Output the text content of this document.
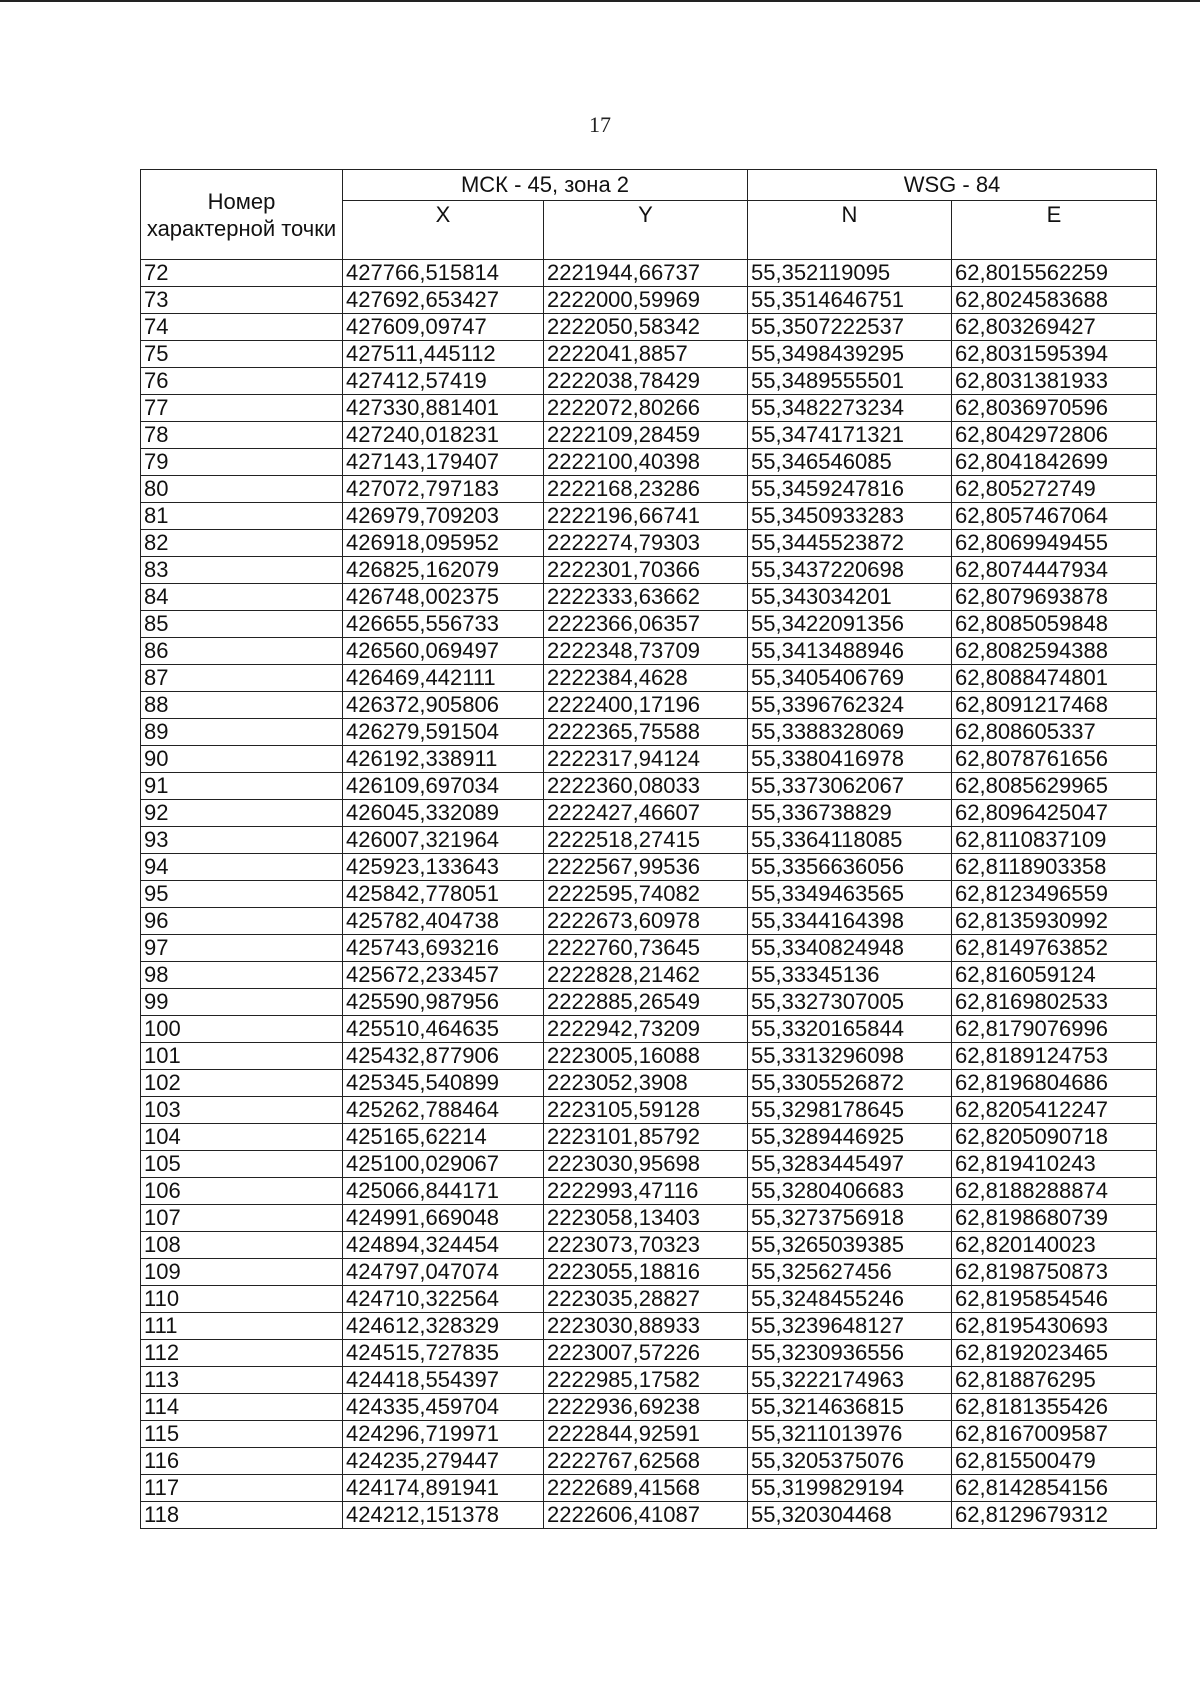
17
Номер характерной точки	МСК - 45, зона 2		WSG - 84	
	X	Y	N	E
72	427766,515814	2221944,66737	55,352119095	62,8015562259
73	427692,653427	2222000,59969	55,3514646751	62,8024583688
74	427609,09747	2222050,58342	55,3507222537	62,803269427
75	427511,445112	2222041,8857	55,3498439295	62,8031595394
76	427412,57419	2222038,78429	55,3489555501	62,8031381933
77	427330,881401	2222072,80266	55,3482273234	62,8036970596
78	427240,018231	2222109,28459	55,3474171321	62,8042972806
79	427143,179407	2222100,40398	55,346546085	62,8041842699
80	427072,797183	2222168,23286	55,3459247816	62,805272749
81	426979,709203	2222196,66741	55,3450933283	62,8057467064
82	426918,095952	2222274,79303	55,3445523872	62,8069949455
83	426825,162079	2222301,70366	55,3437220698	62,8074447934
84	426748,002375	2222333,63662	55,343034201	62,8079693878
85	426655,556733	2222366,06357	55,3422091356	62,8085059848
86	426560,069497	2222348,73709	55,3413488946	62,8082594388
87	426469,442111	2222384,4628	55,3405406769	62,8088474801
88	426372,905806	2222400,17196	55,3396762324	62,8091217468
89	426279,591504	2222365,75588	55,3388328069	62,808605337
90	426192,338911	2222317,94124	55,3380416978	62,8078761656
91	426109,697034	2222360,08033	55,3373062067	62,8085629965
92	426045,332089	2222427,46607	55,336738829	62,8096425047
93	426007,321964	2222518,27415	55,3364118085	62,8110837109
94	425923,133643	2222567,99536	55,3356636056	62,8118903358
95	425842,778051	2222595,74082	55,3349463565	62,8123496559
96	425782,404738	2222673,60978	55,3344164398	62,8135930992
97	425743,693216	2222760,73645	55,3340824948	62,8149763852
98	425672,233457	2222828,21462	55,33345136	62,816059124
99	425590,987956	2222885,26549	55,3327307005	62,8169802533
100	425510,464635	2222942,73209	55,3320165844	62,8179076996
101	425432,877906	2223005,16088	55,3313296098	62,8189124753
102	425345,540899	2223052,3908	55,3305526872	62,8196804686
103	425262,788464	2223105,59128	55,3298178645	62,8205412247
104	425165,62214	2223101,85792	55,3289446925	62,8205090718
105	425100,029067	2223030,95698	55,3283445497	62,819410243
106	425066,844171	2222993,47116	55,3280406683	62,8188288874
107	424991,669048	2223058,13403	55,3273756918	62,8198680739
108	424894,324454	2223073,70323	55,3265039385	62,820140023
109	424797,047074	2223055,18816	55,325627456	62,8198750873
110	424710,322564	2223035,28827	55,3248455246	62,8195854546
111	424612,328329	2223030,88933	55,3239648127	62,8195430693
112	424515,727835	2223007,57226	55,3230936556	62,8192023465
113	424418,554397	2222985,17582	55,3222174963	62,818876295
114	424335,459704	2222936,69238	55,3214636815	62,8181355426
115	424296,719971	2222844,92591	55,3211013976	62,8167009587
116	424235,279447	2222767,62568	55,3205375076	62,815500479
117	424174,891941	2222689,41568	55,3199829194	62,8142854156
118	424212,151378	2222606,41087	55,320304468	62,8129679312
